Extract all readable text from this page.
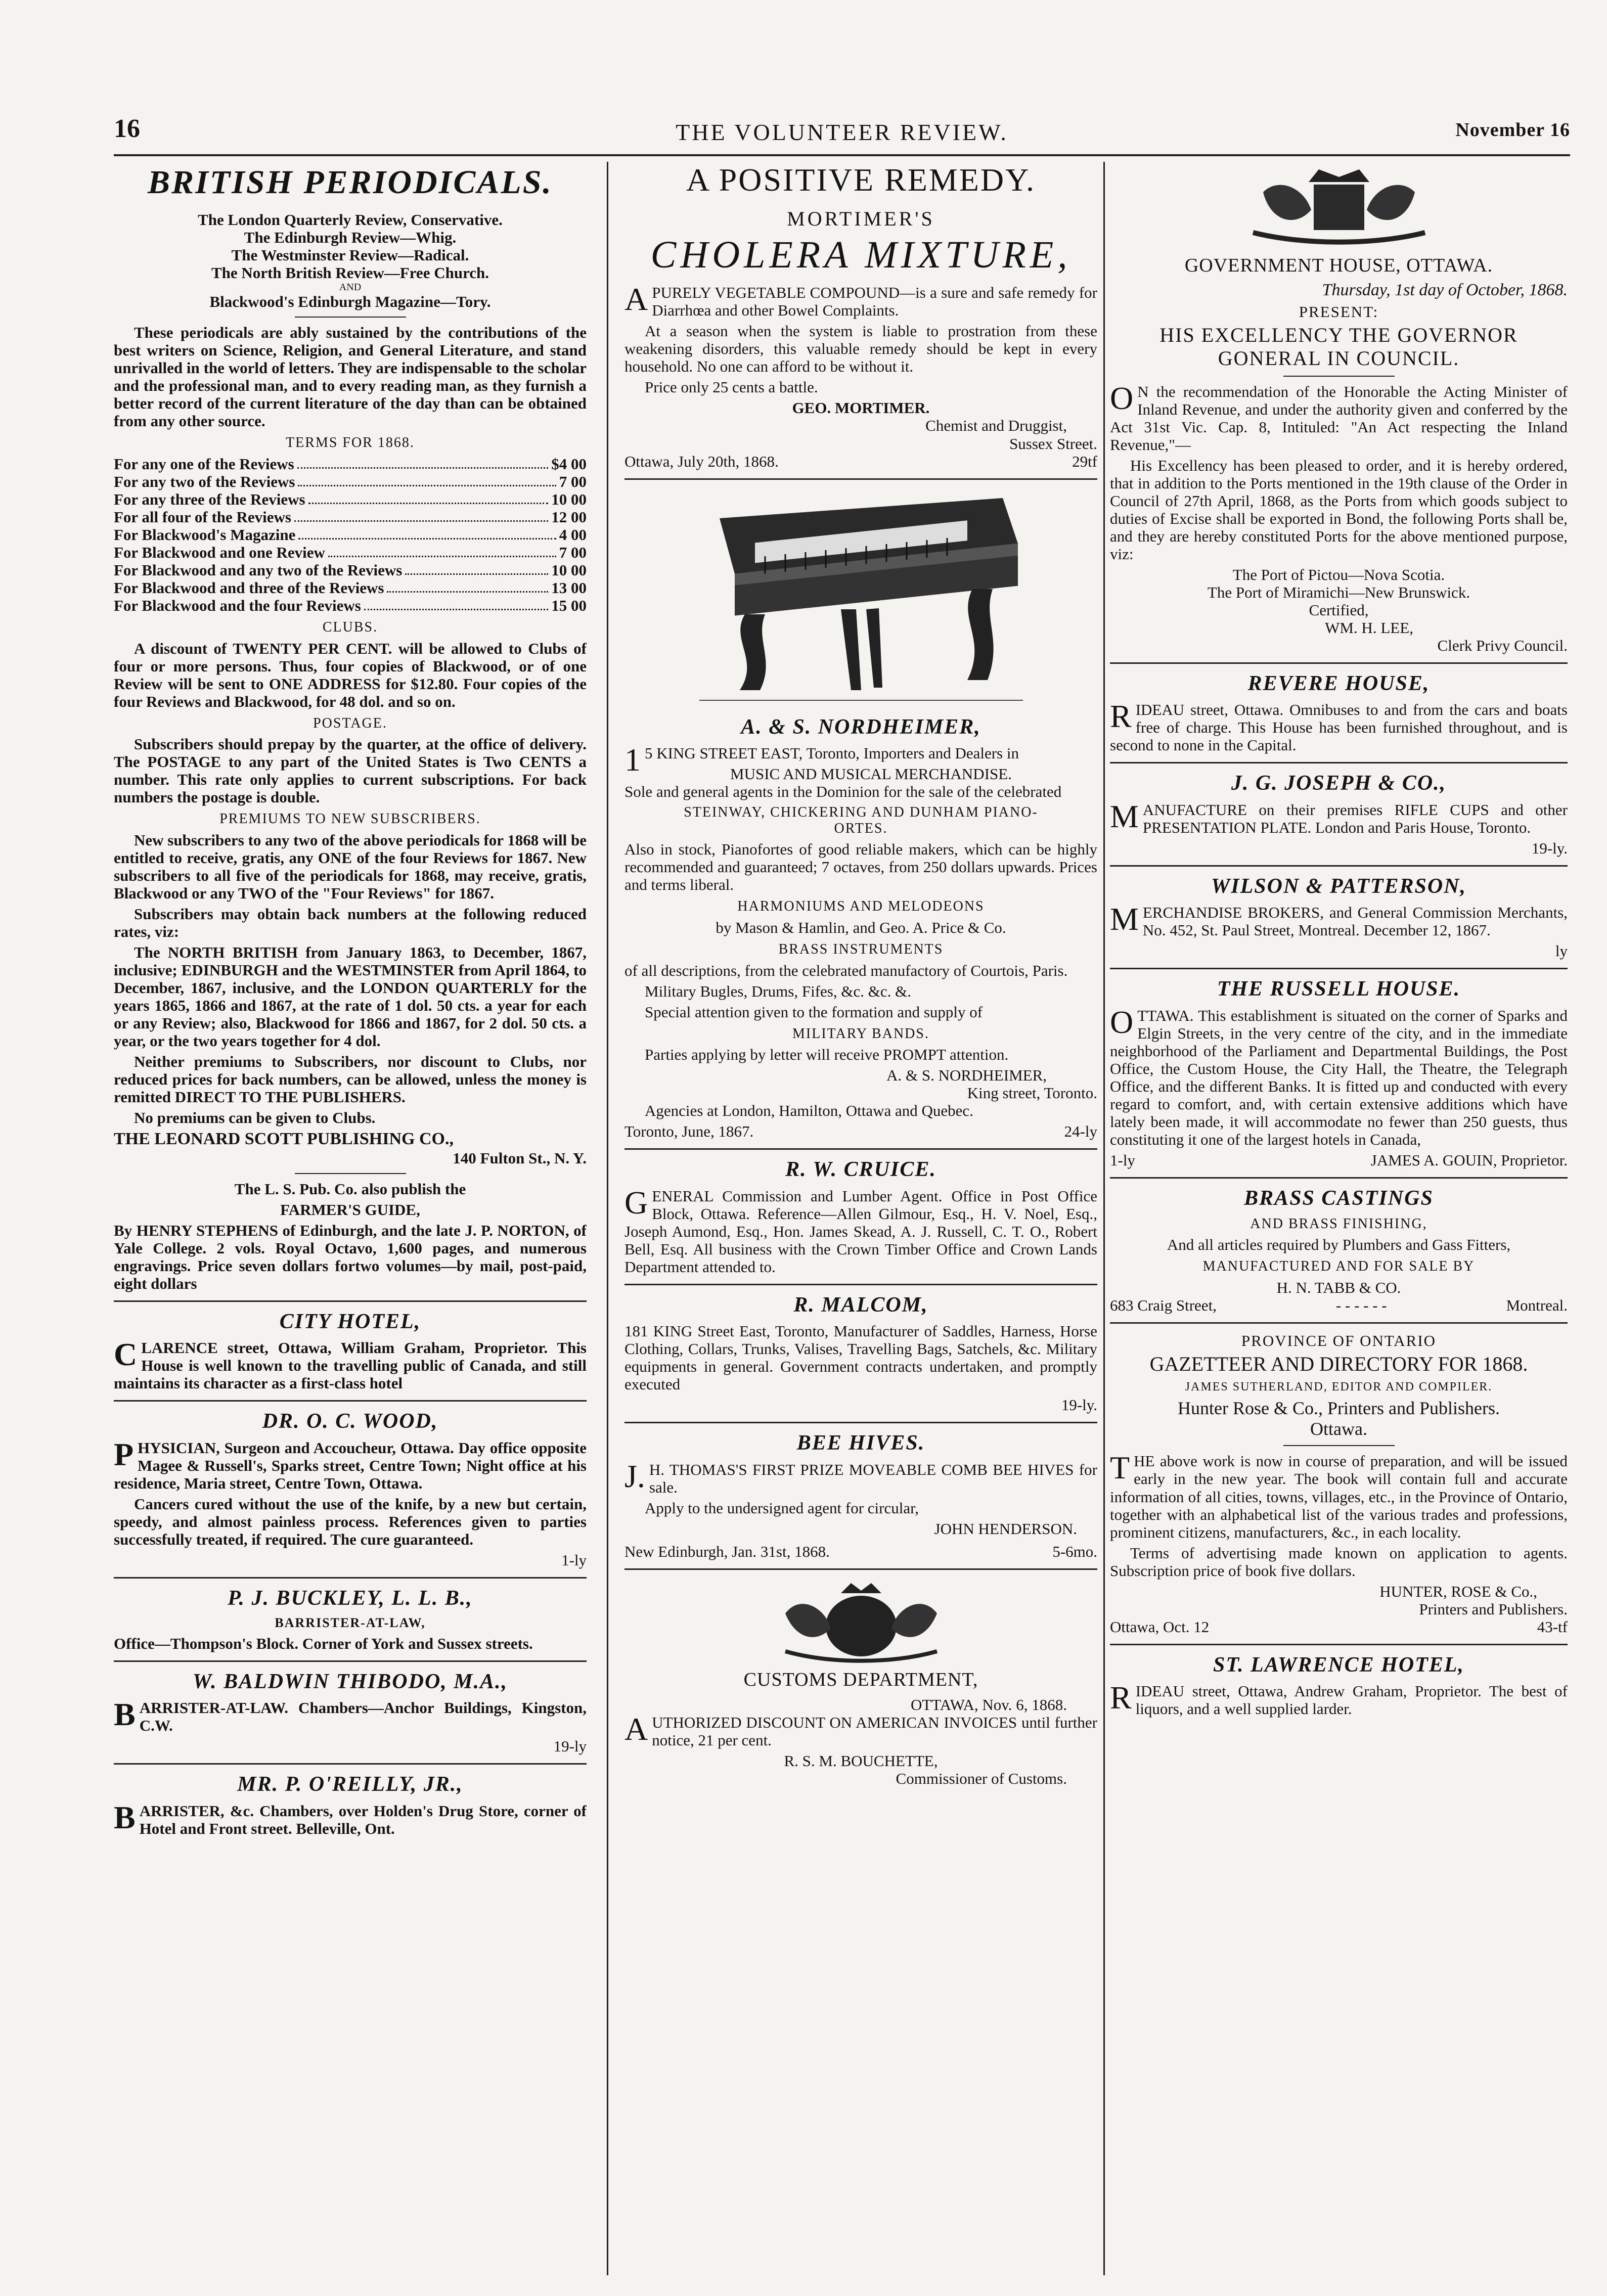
16	THE VOLUNTEER REVIEW.	November 16
BRITISH PERIODICALS.
The London Quarterly Review, Conservative.
The Edinburgh Review—Whig.
The Westminster Review—Radical.
The North British Review—Free Church.
AND
Blackwood's Edinburgh Magazine—Tory.

These periodicals are ably sustained by the contributions of the best writers on Science, Religion, and General Literature, and stand unrivalled in the world of letters. They are indispensable to the scholar and the professional man, and to every reading man, as they furnish a better record of the current literature of the day than can be obtained from any other source.

TERMS FOR 1868.
For any one of the Reviews	$4 00
For any two of the Reviews	7 00
For any three of the Reviews	10 00
For all four of the Reviews	12 00
For Blackwood's Magazine	4 00
For Blackwood and one Review	7 00
For Blackwood and any two of the Reviews	10 00
For Blackwood and three of the Reviews	13 00
For Blackwood and the four Reviews	15 00
CLUBS.

A discount of TWENTY PER CENT. will be allowed to Clubs of four or more persons. Thus, four copies of Blackwood, or of one Review will be sent to ONE ADDRESS for $12.80. Four copies of the four Reviews and Blackwood, for 48 dol. and so on.

POSTAGE.

Subscribers should prepay by the quarter, at the office of delivery. The POSTAGE to any part of the United States is Two CENTS a number. This rate only applies to current subscriptions. For back numbers the postage is double.

PREMIUMS TO NEW SUBSCRIBERS.

New subscribers to any two of the above periodicals for 1868 will be entitled to receive, gratis, any ONE of the four Reviews for 1867. New subscribers to all five of the periodicals for 1868, may receive, gratis, Blackwood or any TWO of the "Four Reviews" for 1867.

Subscribers may obtain back numbers at the following reduced rates, viz:

The NORTH BRITISH from January 1863, to December, 1867, inclusive; EDINBURGH and the WESTMINSTER from April 1864, to December, 1867, inclusive, and the LONDON QUARTERLY for the years 1865, 1866 and 1867, at the rate of 1 dol. 50 cts. a year for each or any Review; also, Blackwood for 1866 and 1867, for 2 dol. 50 cts. a year, or the two years together for 4 dol.

Neither premiums to Subscribers, nor discount to Clubs, nor reduced prices for back numbers, can be allowed, unless the money is remitted DIRECT TO THE PUBLISHERS.

No premiums can be given to Clubs.

THE LEONARD SCOTT PUBLISHING CO.,
140 Fulton St., N. Y.
The L. S. Pub. Co. also publish the
FARMER'S GUIDE,

By HENRY STEPHENS of Edinburgh, and the late J. P. NORTON, of Yale College. 2 vols. Royal Octavo, 1,600 pages, and numerous engravings. Price seven dollars fortwo volumes—by mail, post-paid, eight dollars

CITY HOTEL,

CLARENCE street, Ottawa, William Graham, Proprietor. This House is well known to the travelling public of Canada, and still maintains its character as a first-class hotel

DR. O. C. WOOD,

PHYSICIAN, Surgeon and Accoucheur, Ottawa. Day office opposite Magee & Russell's, Sparks street, Centre Town; Night office at his residence, Maria street, Centre Town, Ottawa.

Cancers cured without the use of the knife, by a new but certain, speedy, and almost painless process. References given to parties successfully treated, if required. The cure guaranteed.

1-ly
P. J. BUCKLEY, L. L. B.,
BARRISTER-AT-LAW,

Office—Thompson's Block. Corner of York and Sussex streets.

W. BALDWIN THIBODO, M.A.,

BARRISTER-AT-LAW. Chambers—Anchor Buildings, Kingston, C.W.

19-ly
MR. P. O'REILLY, JR.,

BARRISTER, &c. Chambers, over Holden's Drug Store, corner of Hotel and Front street. Belleville, Ont.

A POSITIVE REMEDY.
MORTIMER'S
CHOLERA MIXTURE,

APURELY VEGETABLE COMPOUND—is a sure and safe remedy for Diarrhœa and other Bowel Complaints.

At a season when the system is liable to prostration from these weakening disorders, this valuable remedy should be kept in every household. No one can afford to be without it.

Price only 25 cents a battle.

GEO. MORTIMER.
Chemist and Druggist,
Sussex Street.
Ottawa, July 20th, 1868.	29tf
A. & S. NORDHEIMER,

15 KING STREET EAST, Toronto, Importers and Dealers in

MUSIC AND MUSICAL MERCHANDISE.

Sole and general agents in the Dominion for the sale of the celebrated

STEINWAY, CHICKERING AND DUNHAM PIANO-
ORTES.

Also in stock, Pianofortes of good reliable makers, which can be highly recommended and guaranteed; 7 octaves, from 250 dollars upwards. Prices and terms liberal.

HARMONIUMS AND MELODEONS
by Mason & Hamlin, and Geo. A. Price & Co.
BRASS INSTRUMENTS

of all descriptions, from the celebrated manufactory of Courtois, Paris.

Military Bugles, Drums, Fifes, &c. &c. &.

Special attention given to the formation and supply of

MILITARY BANDS.

Parties applying by letter will receive PROMPT attention.

A. & S. NORDHEIMER,
King street, Toronto.

Agencies at London, Hamilton, Ottawa and Quebec.

Toronto, June, 1867.	24-ly
R. W. CRUICE.

GENERAL Commission and Lumber Agent. Office in Post Office Block, Ottawa. Reference—Allen Gilmour, Esq., H. V. Noel, Esq., Joseph Aumond, Esq., Hon. James Skead, A. J. Russell, C. T. O., Robert Bell, Esq. All business with the Crown Timber Office and Crown Lands Department attended to.

R. MALCOM,

181 KING Street East, Toronto, Manufacturer of Saddles, Harness, Horse Clothing, Collars, Trunks, Valises, Travelling Bags, Satchels, &c. Military equipments in general. Government contracts undertaken, and promptly executed

19-ly.
BEE HIVES.

J.H. THOMAS'S FIRST PRIZE MOVEABLE COMB BEE HIVES for sale.

Apply to the undersigned agent for circular,

JOHN HENDERSON.
New Edinburgh, Jan. 31st, 1868.	5-6mo.
CUSTOMS DEPARTMENT,
OTTAWA, Nov. 6, 1868.

AUTHORIZED DISCOUNT ON AMERICAN INVOICES until further notice, 21 per cent.

R. S. M. BOUCHETTE,
Commissioner of Customs.
GOVERNMENT HOUSE, OTTAWA.
Thursday, 1st day of October, 1868.
PRESENT:
HIS EXCELLENCY THE GOVERNOR
GONERAL IN COUNCIL.

ON the recommendation of the Honorable the Acting Minister of Inland Revenue, and under the authority given and conferred by the Act 31st Vic. Cap. 8, Intituled: "An Act respecting the Inland Revenue,"—

His Excellency has been pleased to order, and it is hereby ordered, that in addition to the Ports mentioned in the 19th clause of the Order in Council of 27th April, 1868, as the Ports from which goods subject to duties of Excise shall be exported in Bond, the following Ports shall be, and they are hereby constituted Ports for the above mentioned purpose, viz:

The Port of Pictou—Nova Scotia.
The Port of Miramichi—New Brunswick.
Certified,
WM. H. LEE,
Clerk Privy Council.
REVERE HOUSE,

RIDEAU street, Ottawa. Omnibuses to and from the cars and boats free of charge. This House has been furnished throughout, and is second to none in the Capital.

J. G. JOSEPH & CO.,

MANUFACTURE on their premises RIFLE CUPS and other PRESENTATION PLATE. London and Paris House, Toronto.

19-ly.
WILSON & PATTERSON,

MERCHANDISE BROKERS, and General Commission Merchants, No. 452, St. Paul Street, Montreal. December 12, 1867.

ly
THE RUSSELL HOUSE.

OTTAWA. This establishment is situated on the corner of Sparks and Elgin Streets, in the very centre of the city, and in the immediate neighborhood of the Parliament and Departmental Buildings, the Post Office, the Custom House, the City Hall, the Theatre, the Telegraph Office, and the different Banks. It is fitted up and conducted with every regard to comfort, and, with certain extensive additions which have lately been made, it will accommodate no fewer than 250 guests, thus constituting it one of the largest hotels in Canada,

1-ly	JAMES A. GOUIN, Proprietor.
BRASS CASTINGS
AND BRASS FINISHING,

And all articles required by Plumbers and Gass Fitters,

MANUFACTURED AND FOR SALE BY
H. N. TABB & CO.
683 Craig Street,	- - - - - -	Montreal.
PROVINCE OF ONTARIO
GAZETTEER AND DIRECTORY FOR 1868.
JAMES SUTHERLAND, EDITOR AND COMPILER.
Hunter Rose & Co., Printers and Publishers.
Ottawa.

THE above work is now in course of preparation, and will be issued early in the new year. The book will contain full and accurate information of all cities, towns, villages, etc., in the Province of Ontario, together with an alphabetical list of the various trades and professions, prominent citizens, manufacturers, &c., in each locality.

Terms of advertising made known on application to agents. Subscription price of book five dollars.

HUNTER, ROSE & Co.,
Printers and Publishers.
Ottawa, Oct. 12	43-tf
ST. LAWRENCE HOTEL,

RIDEAU street, Ottawa, Andrew Graham, Proprietor. The best of liquors, and a well supplied larder.
